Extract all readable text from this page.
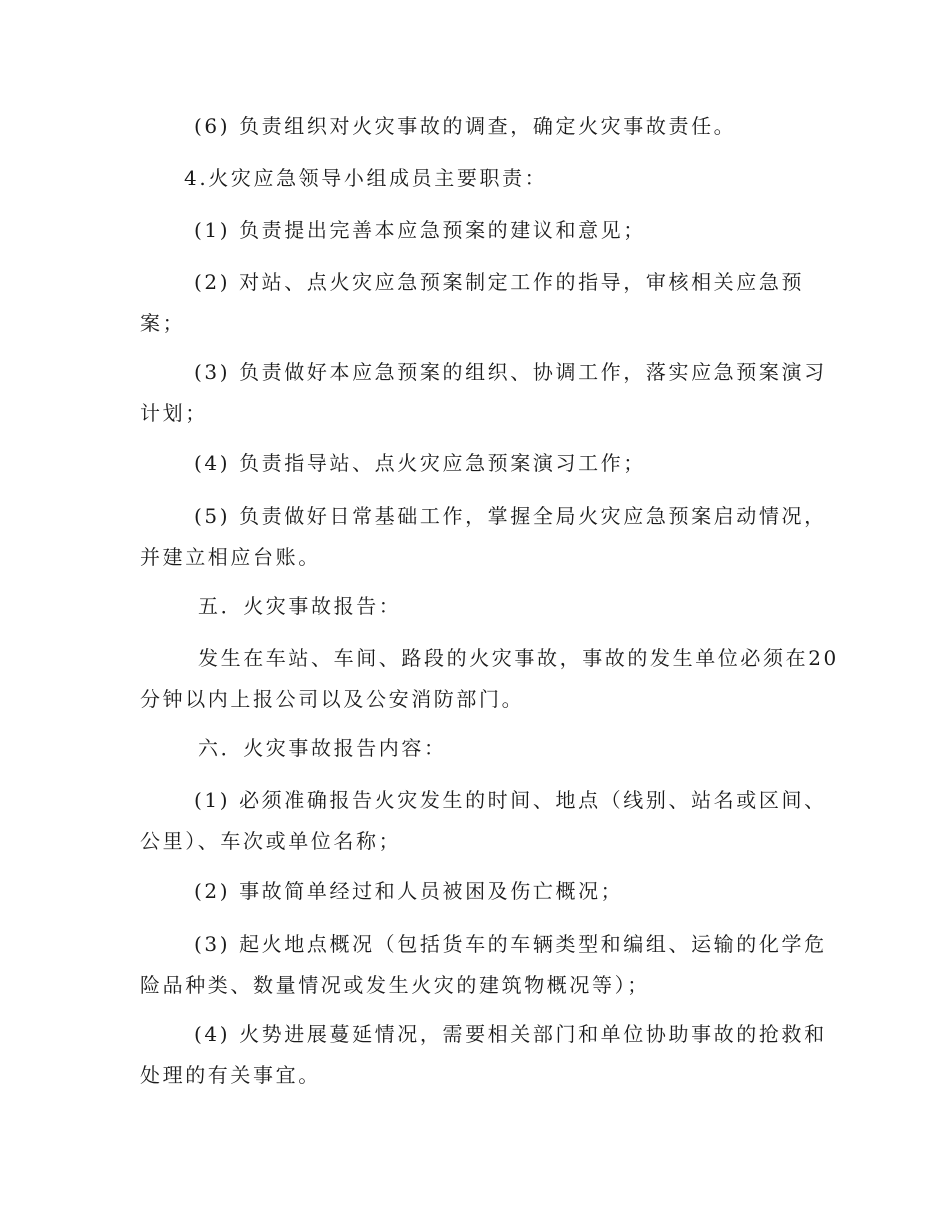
(6) 负责组织对火灾事故的调查，确定火灾事故责任。
4.火灾应急领导小组成员主要职责：
(1) 负责提出完善本应急预案的建议和意见；
(2) 对站、点火灾应急预案制定工作的指导，审核相关应急预
案；
(3) 负责做好本应急预案的组织、协调工作，落实应急预案演习
计划；
(4) 负责指导站、点火灾应急预案演习工作；
(5) 负责做好日常基础工作，掌握全局火灾应急预案启动情况，
并建立相应台账。
五．火灾事故报告：
发生在车站、车间、路段的火灾事故，事故的发生单位必须在20
分钟以内上报公司以及公安消防部门。
六．火灾事故报告内容：
(1) 必须准确报告火灾发生的时间、地点（线别、站名或区间、
公里）、车次或单位名称；
(2) 事故简单经过和人员被困及伤亡概况；
(3) 起火地点概况（包括货车的车辆类型和编组、运输的化学危
险品种类、数量情况或发生火灾的建筑物概况等）；
(4) 火势进展蔓延情况，需要相关部门和单位协助事故的抢救和
处理的有关事宜。
